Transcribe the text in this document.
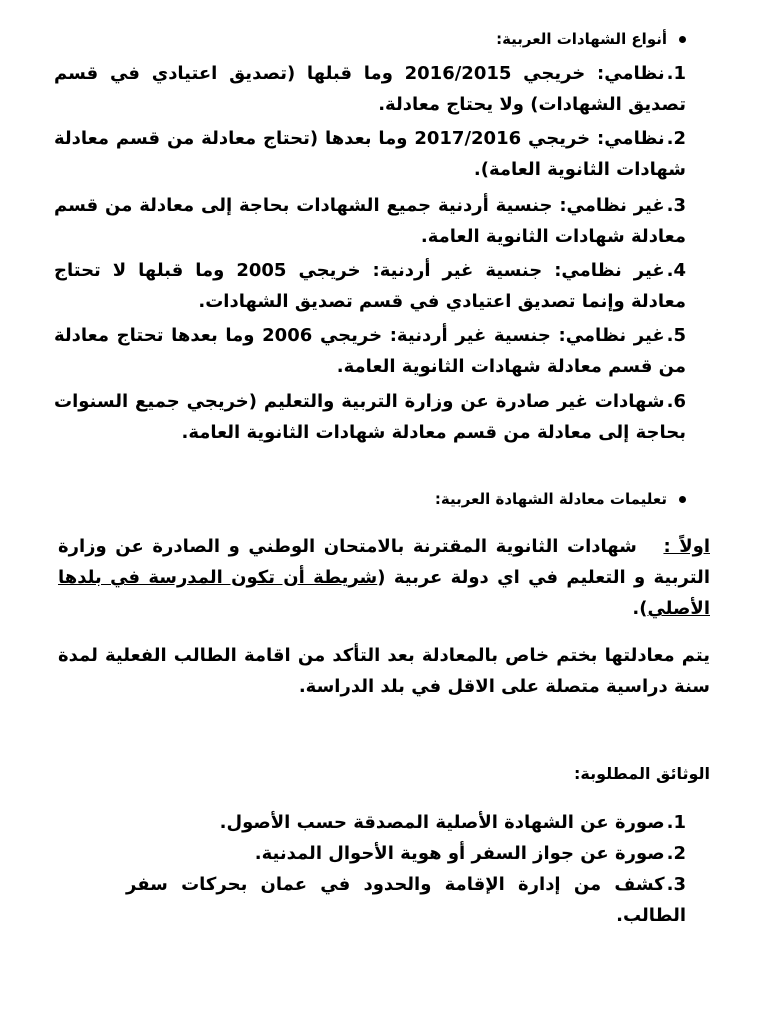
أنواع الشهادات العربية:
1.نظامي: خريجي 2016/2015 وما قبلها (تصديق اعتيادي في قسم تصديق الشهادات) ولا يحتاج معادلة.
2.نظامي: خريجي 2017/2016 وما بعدها (تحتاج معادلة من قسم معادلة شهادات الثانوية العامة).
3.غير نظامي: جنسية أردنية جميع الشهادات بحاجة إلى معادلة من قسم معادلة شهادات الثانوية العامة.
4.غير نظامي: جنسية غير أردنية: خريجي 2005 وما قبلها لا تحتاج معادلة وإنما تصديق اعتيادي في قسم تصديق الشهادات.
5.غير نظامي: جنسية غير أردنية: خريجي 2006 وما بعدها تحتاج معادلة من قسم معادلة شهادات الثانوية العامة.
6.شهادات غير صادرة عن وزارة التربية والتعليم (خريجي جميع السنوات بحاجة إلى معادلة من قسم معادلة شهادات الثانوية العامة.
تعليمات معادلة الشهادة العربية:
اولاً : شهادات الثانوية المقترنة بالامتحان الوطني و الصادرة عن وزارة التربية و التعليم في اي دولة عربية (شريطة أن تكون المدرسة في بلدها الأصلي).
يتم معادلتها بختم خاص بالمعادلة بعد التأكد من اقامة الطالب الفعلية لمدة سنة دراسية متصلة على الاقل في بلد الدراسة.
الوثائق المطلوبة:
1.صورة عن الشهادة الأصلية المصدقة حسب الأصول.
2.صورة عن جواز السفر أو هوية الأحوال المدنية.
3.كشف من إدارة الإقامة والحدود في عمان بحركات سفر الطالب.
